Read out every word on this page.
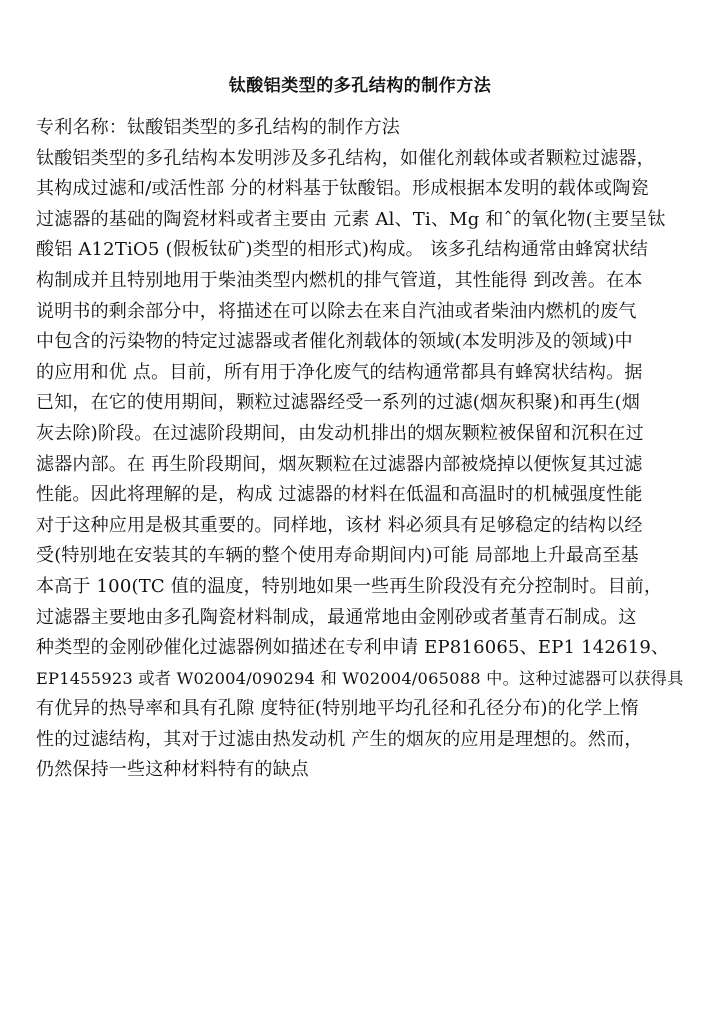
钛酸铝类型的多孔结构的制作方法
专利名称：钛酸铝类型的多孔结构的制作方法
钛酸铝类型的多孔结构本发明涉及多孔结构，如催化剂载体或者颗粒过滤器，
其构成过滤和/或活性部 分的材料基于钛酸铝。形成根据本发明的载体或陶瓷
过滤器的基础的陶瓷材料或者主要由 元素 Al、Ti、Mg 和ˆ的氧化物(主要呈钛
酸铝 A12TiO5 (假板钛矿)类型的相形式)构成。 该多孔结构通常由蜂窝状结
构制成并且特别地用于柴油类型内燃机的排气管道，其性能得 到改善。在本
说明书的剩余部分中，将描述在可以除去在来自汽油或者柴油内燃机的废气
中包含的污染物的特定过滤器或者催化剂载体的领域(本发明涉及的领域)中
的应用和优 点。目前，所有用于净化废气的结构通常都具有蜂窝状结构。据
已知，在它的使用期间，颗粒过滤器经受一系列的过滤(烟灰积聚)和再生(烟
灰去除)阶段。在过滤阶段期间，由发动机排出的烟灰颗粒被保留和沉积在过
滤器内部。在 再生阶段期间，烟灰颗粒在过滤器内部被烧掉以便恢复其过滤
性能。因此将理解的是，构成 过滤器的材料在低温和高温时的机械强度性能
对于这种应用是极其重要的。同样地，该材 料必须具有足够稳定的结构以经
受(特别地在安装其的车辆的整个使用寿命期间内)可能 局部地上升最高至基
本高于 100(TC 值的温度，特别地如果一些再生阶段没有充分控制时。目前，
过滤器主要地由多孔陶瓷材料制成，最通常地由金刚砂或者堇青石制成。这
种类型的金刚砂催化过滤器例如描述在专利申请 EP816065、EP1 142619、
EP1455923 或者 W02004/090294 和 W02004/065088 中。这种过滤器可以获得具
有优异的热导率和具有孔隙 度特征(特别地平均孔径和孔径分布)的化学上惰
性的过滤结构，其对于过滤由热发动机 产生的烟灰的应用是理想的。然而，
仍然保持一些这种材料特有的缺点
